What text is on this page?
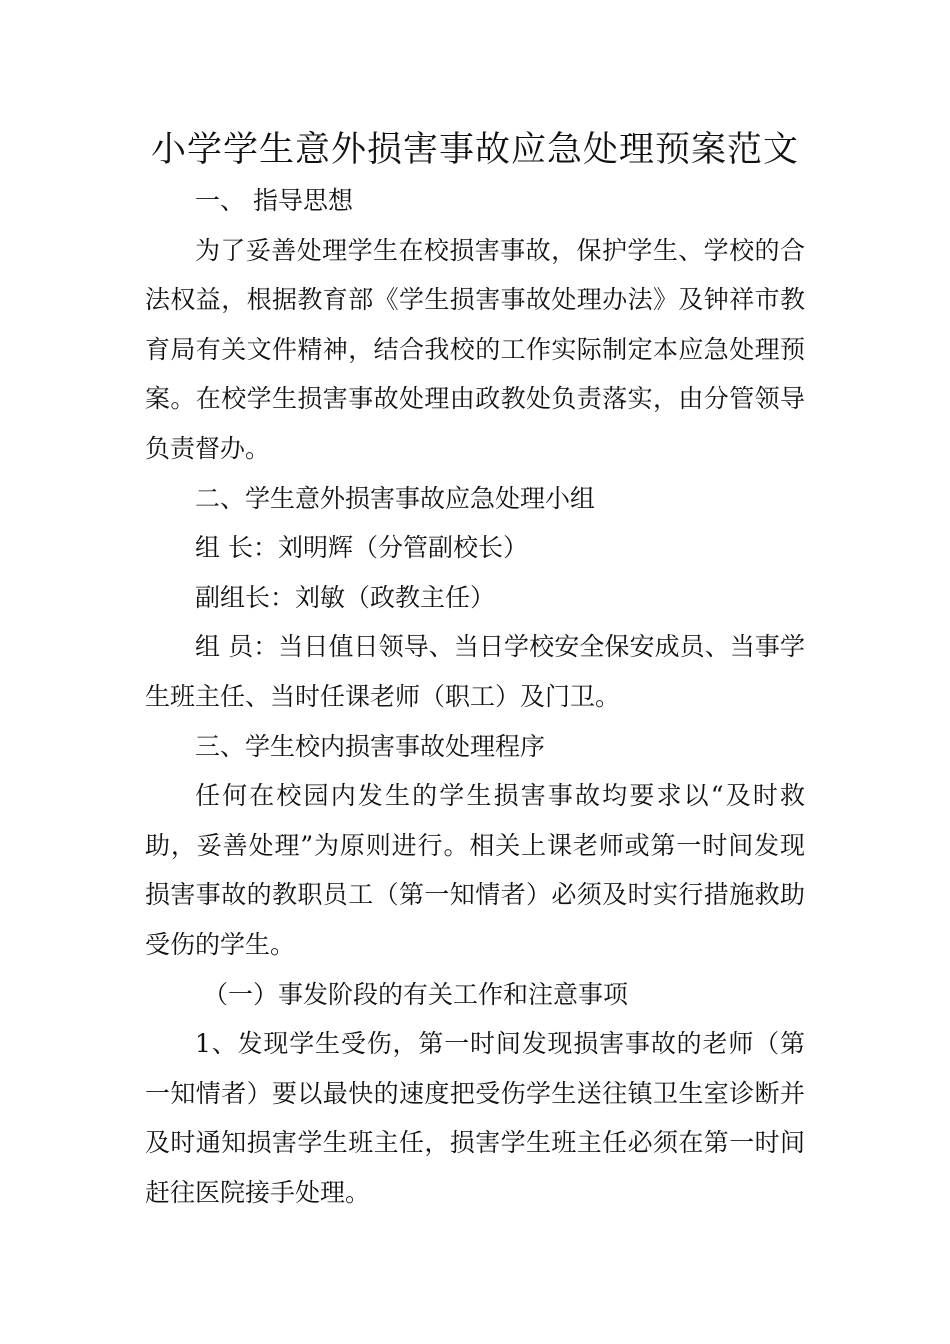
小学学生意外损害事故应急处理预案范文

一、 指导思想

为了妥善处理学生在校损害事故，保护学生、学校的合法权益，根据教育部《学生损害事故处理办法》及钟祥市教育局有关文件精神，结合我校的工作实际制定本应急处理预案。在校学生损害事故处理由政教处负责落实，由分管领导负责督办。

二、学生意外损害事故应急处理小组

组 长：刘明辉（分管副校长）

副组长：刘敏（政教主任）

组 员：当日值日领导、当日学校安全保安成员、当事学生班主任、当时任课老师（职工）及门卫。

三、学生校内损害事故处理程序

任何在校园内发生的学生损害事故均要求以“及时救助，妥善处理”为原则进行。相关上课老师或第一时间发现损害事故的教职员工（第一知情者）必须及时实行措施救助受伤的学生。

（一）事发阶段的有关工作和注意事项

1、发现学生受伤，第一时间发现损害事故的老师（第一知情者）要以最快的速度把受伤学生送往镇卫生室诊断并及时通知损害学生班主任，损害学生班主任必须在第一时间赶往医院接手处理。
